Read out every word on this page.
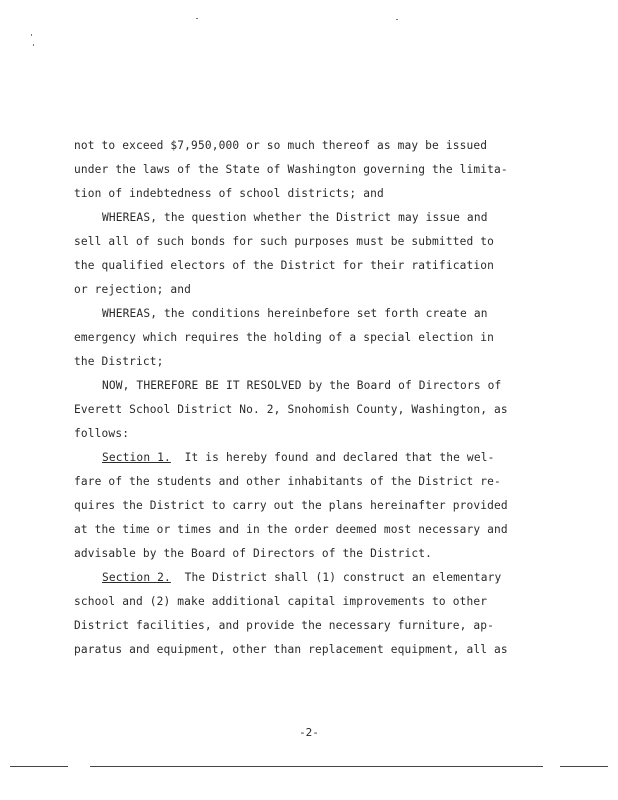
not to exceed $7,950,000 or so much thereof as may be issued
under the laws of the State of Washington governing the limita-
tion of indebtedness of school districts; and
WHEREAS, the question whether the District may issue and
sell all of such bonds for such purposes must be submitted to
the qualified electors of the District for their ratification
or rejection; and
WHEREAS, the conditions hereinbefore set forth create an
emergency which requires the holding of a special election in
the District;
NOW, THEREFORE BE IT RESOLVED by the Board of Directors of
Everett School District No. 2, Snohomish County, Washington, as
follows:
Section 1.  It is hereby found and declared that the wel-
fare of the students and other inhabitants of the District re-
quires the District to carry out the plans hereinafter provided
at the time or times and in the order deemed most necessary and
advisable by the Board of Directors of the District.
Section 2.  The District shall (1) construct an elementary
school and (2) make additional capital improvements to other
District facilities, and provide the necessary furniture, ap-
paratus and equipment, other than replacement equipment, all as
-2-
